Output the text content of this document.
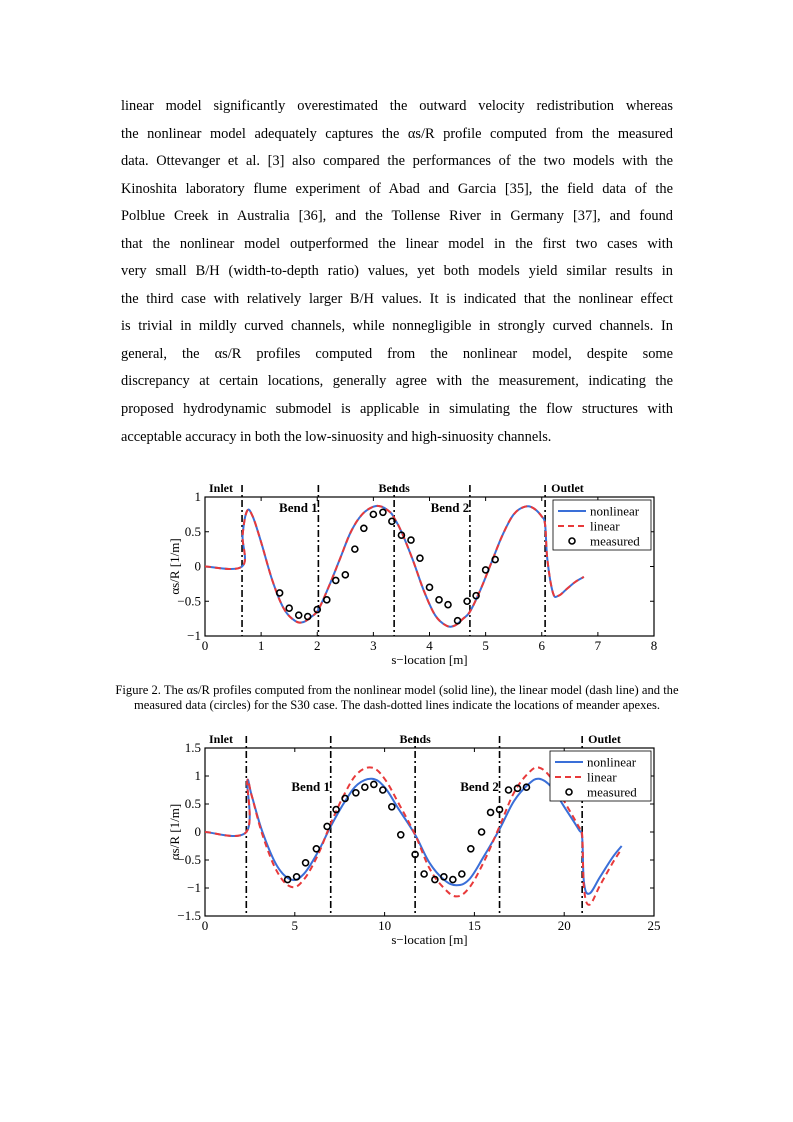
linear model significantly overestimated the outward velocity redistribution whereas
the nonlinear model adequately captures the αs/R profile computed from the measured
data. Ottevanger et al. [3] also compared the performances of the two models with the
Kinoshita laboratory flume experiment of Abad and Garcia [35], the field data of the
Polblue Creek in Australia [36], and the Tollense River in Germany [37], and found
that the nonlinear model outperformed the linear model in the first two cases with
very small B/H (width-to-depth ratio) values, yet both models yield similar results in
the third case with relatively larger B/H values. It is indicated that the nonlinear effect
is trivial in mildly curved channels, while nonnegligible in strongly curved channels. In
general, the αs/R profiles computed from the nonlinear model, despite some
discrepancy at certain locations, generally agree with the measurement, indicating the
proposed hydrodynamic submodel is applicable in simulating the flow structures with
acceptable accuracy in both the low-sinuosity and high-sinuosity channels.
0	1	2	3	4	5	6	7	8
1
0.5
0
−0.5
−1
s−location [m]
αs/R [1/m]
Inlet	Bends	Outlet
Bend 1	Bend 2	nonlinear
linear
measured
Figure 2. The αs/R profiles computed from the nonlinear model (solid line), the linear model (dash line) and the measured data (circles) for the S30 case. The dash-dotted lines indicate the locations of meander apexes.
0	5	10	15	20	25
1.5
1
0.5
0
−0.5
−1
−1.5
s−location [m]
αs/R [1/m]
Inlet	Bends	Outlet
Bend 1	Bend 2
nonlinear
linear
measured
